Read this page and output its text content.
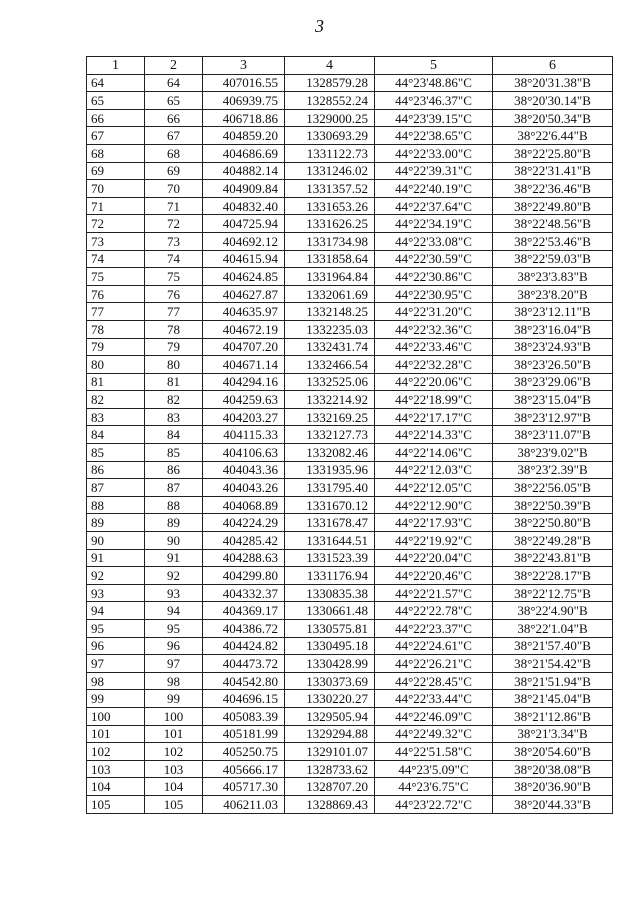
3
1	2	3	4	5	6
64	64	407016.55	1328579.28	44°23'48.86"С	38°20'31.38"В
65	65	406939.75	1328552.24	44°23'46.37"С	38°20'30.14"В
66	66	406718.86	1329000.25	44°23'39.15"С	38°20'50.34"В
67	67	404859.20	1330693.29	44°22'38.65"С	38°22'6.44"В
68	68	404686.69	1331122.73	44°22'33.00"С	38°22'25.80"В
69	69	404882.14	1331246.02	44°22'39.31"С	38°22'31.41"В
70	70	404909.84	1331357.52	44°22'40.19"С	38°22'36.46"В
71	71	404832.40	1331653.26	44°22'37.64"С	38°22'49.80"В
72	72	404725.94	1331626.25	44°22'34.19"С	38°22'48.56"В
73	73	404692.12	1331734.98	44°22'33.08"С	38°22'53.46"В
74	74	404615.94	1331858.64	44°22'30.59"С	38°22'59.03"В
75	75	404624.85	1331964.84	44°22'30.86"С	38°23'3.83"В
76	76	404627.87	1332061.69	44°22'30.95"С	38°23'8.20"В
77	77	404635.97	1332148.25	44°22'31.20"С	38°23'12.11"В
78	78	404672.19	1332235.03	44°22'32.36"С	38°23'16.04"В
79	79	404707.20	1332431.74	44°22'33.46"С	38°23'24.93"В
80	80	404671.14	1332466.54	44°22'32.28"С	38°23'26.50"В
81	81	404294.16	1332525.06	44°22'20.06"С	38°23'29.06"В
82	82	404259.63	1332214.92	44°22'18.99"С	38°23'15.04"В
83	83	404203.27	1332169.25	44°22'17.17"С	38°23'12.97"В
84	84	404115.33	1332127.73	44°22'14.33"С	38°23'11.07"В
85	85	404106.63	1332082.46	44°22'14.06"С	38°23'9.02"В
86	86	404043.36	1331935.96	44°22'12.03"С	38°23'2.39"В
87	87	404043.26	1331795.40	44°22'12.05"С	38°22'56.05"В
88	88	404068.89	1331670.12	44°22'12.90"С	38°22'50.39"В
89	89	404224.29	1331678.47	44°22'17.93"С	38°22'50.80"В
90	90	404285.42	1331644.51	44°22'19.92"С	38°22'49.28"В
91	91	404288.63	1331523.39	44°22'20.04"С	38°22'43.81"В
92	92	404299.80	1331176.94	44°22'20.46"С	38°22'28.17"В
93	93	404332.37	1330835.38	44°22'21.57"С	38°22'12.75"В
94	94	404369.17	1330661.48	44°22'22.78"С	38°22'4.90"В
95	95	404386.72	1330575.81	44°22'23.37"С	38°22'1.04"В
96	96	404424.82	1330495.18	44°22'24.61"С	38°21'57.40"В
97	97	404473.72	1330428.99	44°22'26.21"С	38°21'54.42"В
98	98	404542.80	1330373.69	44°22'28.45"С	38°21'51.94"В
99	99	404696.15	1330220.27	44°22'33.44"С	38°21'45.04"В
100	100	405083.39	1329505.94	44°22'46.09"С	38°21'12.86"В
101	101	405181.99	1329294.88	44°22'49.32"С	38°21'3.34"В
102	102	405250.75	1329101.07	44°22'51.58"С	38°20'54.60"В
103	103	405666.17	1328733.62	44°23'5.09"С	38°20'38.08"В
104	104	405717.30	1328707.20	44°23'6.75"С	38°20'36.90"В
105	105	406211.03	1328869.43	44°23'22.72"С	38°20'44.33"В
